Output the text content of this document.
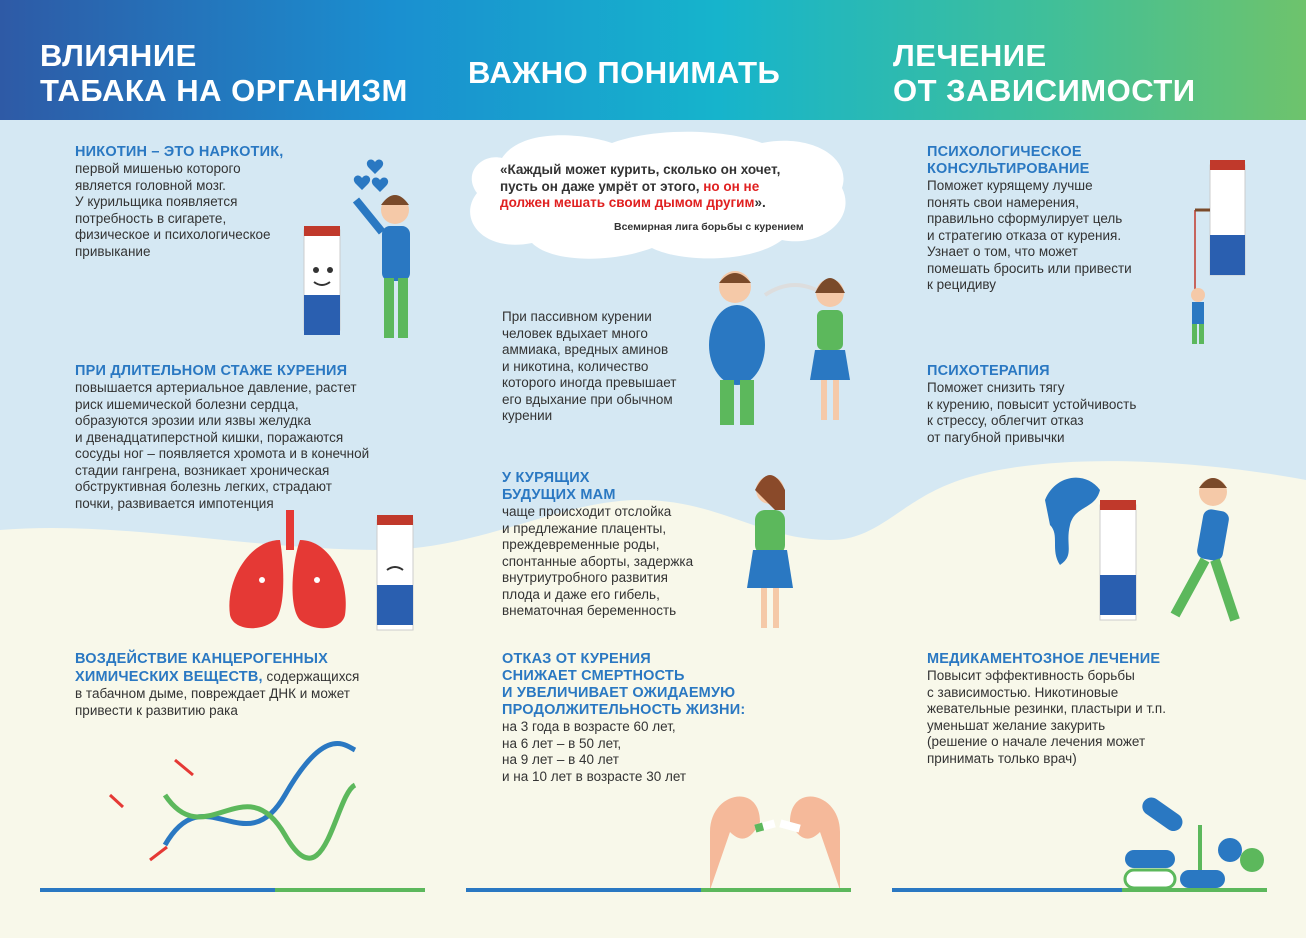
ВЛИЯНИЕ
ТАБАКА НА ОРГАНИЗМ
ВАЖНО ПОНИМАТЬ	ЛЕЧЕНИЕ
ОТ ЗАВИСИМОСТИ

НИКОТИН – ЭТО НАРКОТИК,

первой мишенью которого

является головной мозг.

У курильщика появляется

потребность в сигарете,

физическое и психологическое

привыкание

ПРИ ДЛИТЕЛЬНОМ СТАЖЕ КУРЕНИЯ

повышается артериальное давление, растет

риск ишемической болезни сердца,

образуются эрозии или язвы желудка

и двенадцатиперстной кишки, поражаются

сосуды ног – появляется хромота и в конечной

стадии гангрена, возникает хроническая

обструктивная болезнь легких, страдают

почки, развивается импотенция

ВОЗДЕЙСТВИЕ КАНЦЕРОГЕННЫХ

ХИМИЧЕСКИХ ВЕЩЕСТВ,

содержащихся

в табачном дыме, повреждает ДНК и может

привести к развитию рака

«Каждый может курить, сколько он хочет,

пусть он даже умрёт от этого, но он не

должен мешать своим дымом другим».

Всемирная лига борьбы с курением

При пассивном курении

человек вдыхает много

аммиака, вредных аминов

и никотина, количество

которого иногда превышает

его вдыхание при обычном

курении

У КУРЯЩИХ

БУДУЩИХ МАМ

чаще происходит отслойка

и предлежание плаценты,

преждевременные роды,

спонтанные аборты, задержка

внутриутробного развития

плода и даже его гибель,

внематочная беременность

ОТКАЗ ОТ КУРЕНИЯ

СНИЖАЕТ СМЕРТНОСТЬ

И УВЕЛИЧИВАЕТ ОЖИДАЕМУЮ

ПРОДОЛЖИТЕЛЬНОСТЬ ЖИЗНИ:

на 3 года в возрасте 60 лет,

на 6 лет – в 50 лет,

на 9 лет – в 40 лет

и на 10 лет в возрасте 30 лет

ПСИХОЛОГИЧЕСКОЕ

КОНСУЛЬТИРОВАНИЕ

Поможет курящему лучше

понять свои намерения,

правильно сформулирует цель

и стратегию отказа от курения.

Узнает о том, что может

помешать бросить или привести

к рецидиву

ПСИХОТЕРАПИЯ

Поможет снизить тягу

к курению, повысит устойчивость

к стрессу, облегчит отказ

от пагубной привычки

МЕДИКАМЕНТОЗНОЕ ЛЕЧЕНИЕ

Повысит эффективность борьбы

с зависимостью. Никотиновые

жевательные резинки, пластыри и т.п.

уменьшат желание закурить

(решение о начале лечения может

принимать только врач)
